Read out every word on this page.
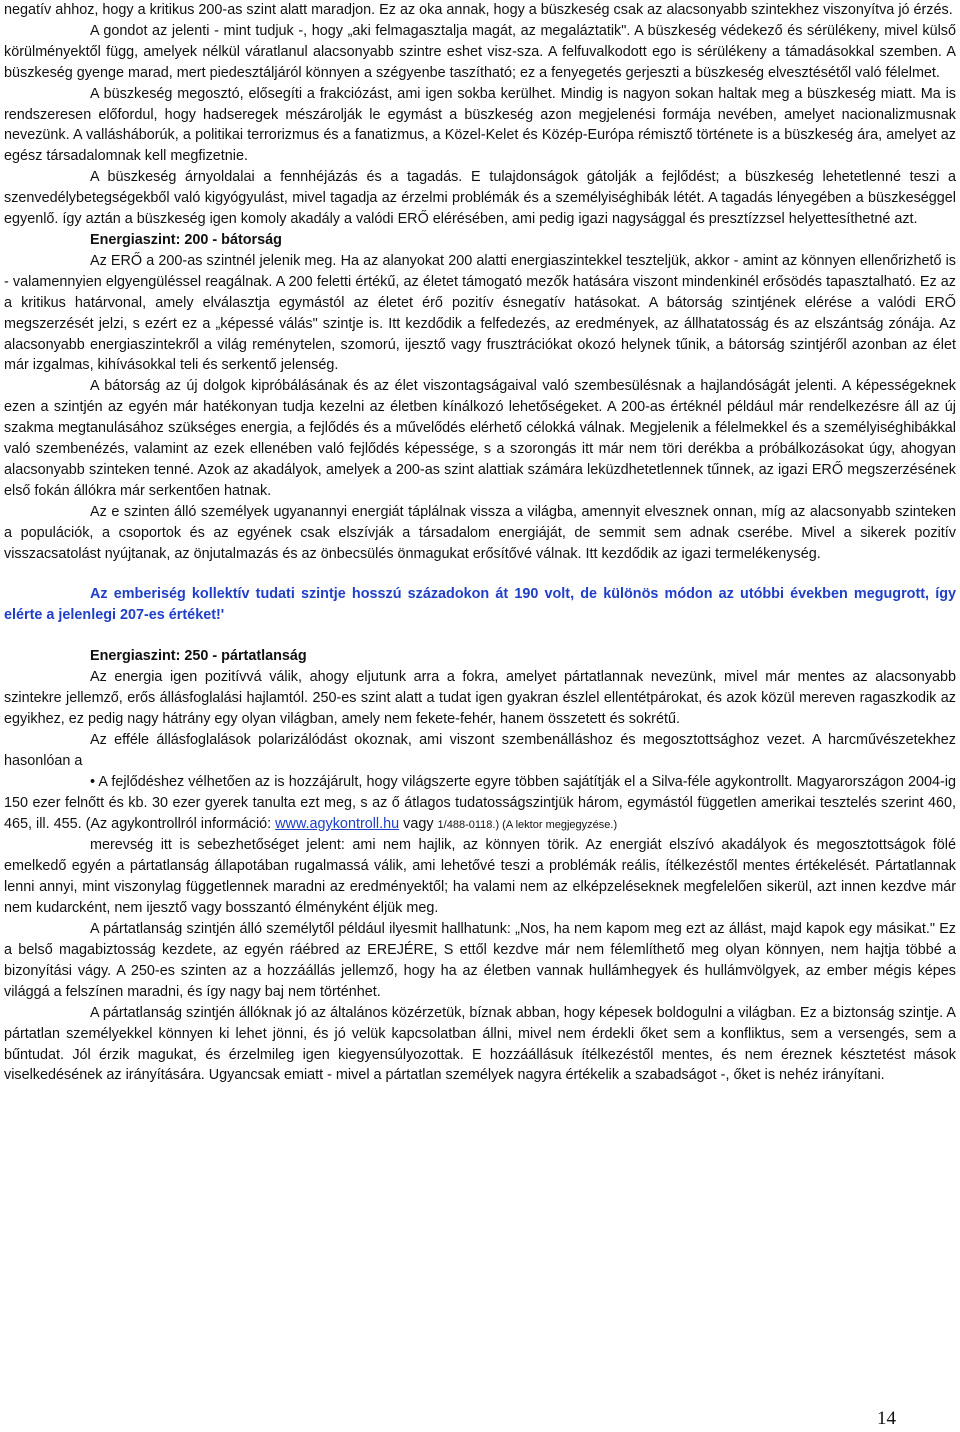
negatív ahhoz, hogy a kritikus 200-as szint alatt maradjon. Ez az oka annak, hogy a büszkeség csak az alacsonyabb szintekhez viszonyítva jó érzés.

A gondot az jelenti - mint tudjuk -, hogy „aki felmagasztalja magát, az megaláztatik". A büszkeség védekező és sérülékeny, mivel külső körülményektől függ, amelyek nélkül váratlanul alacsonyabb szintre eshet visz-sza. A felfuvalkodott ego is sérülékeny a támadásokkal szemben. A büszkeség gyenge marad, mert piedesztáljáról könnyen a szégyenbe taszítható; ez a fenyegetés gerjeszti a büszkeség elvesztésétől való félelmet.

A büszkeség megosztó, elősegíti a frakciózást, ami igen sokba kerülhet. Mindig is nagyon sokan haltak meg a büszkeség miatt. Ma is rendszeresen előfordul, hogy hadseregek mészárolják le egymást a büszkeség azon megjelenési formája nevében, amelyet nacionalizmusnak nevezünk. A vallásháborúk, a politikai terrorizmus és a fanatizmus, a Közel-Kelet és Közép-Európa rémisztő története is a büszkeség ára, amelyet az egész társadalomnak kell megfizetnie.

A büszkeség árnyoldalai a fennhéjázás és a tagadás. E tulajdonságok gátolják a fejlődést; a büszkeség lehetetlenné teszi a szenvedélybetegségekből való kigyógyulást, mivel tagadja az érzelmi problémák és a személyiséghibák létét. A tagadás lényegében a büszkeséggel egyenlő. így aztán a büszkeség igen komoly akadály a valódi ERŐ elérésében, ami pedig igazi nagysággal és presztízzsel helyettesíthetné azt.

Energiaszint: 200 - bátorság

Az ERŐ a 200-as szintnél jelenik meg. Ha az alanyokat 200 alatti energiaszintekkel teszteljük, akkor - amint az könnyen ellenőrizhető is - valamennyien elgyengüléssel reagálnak. A 200 feletti értékű, az életet támogató mezők hatására viszont mindenkinél erősödés tapasztalható. Ez az a kritikus határvonal, amely elválasztja egymástól az életet érő pozitív ésnegatív hatásokat. A bátorság szintjének elérése a valódi ERŐ megszerzését jelzi, s ezért ez a „képessé válás" szintje is. Itt kezdődik a felfedezés, az eredmények, az állhatatosság és az elszántság zónája. Az alacsonyabb energiaszintekről a világ reménytelen, szomorú, ijesztő vagy frusztrációkat okozó helynek tűnik, a bátorság szintjéről azonban az élet már izgalmas, kihívásokkal teli és serkentő jelenség.

A bátorság az új dolgok kipróbálásának és az élet viszontagságaival való szembesülésnak a hajlandóságát jelenti. A képességeknek ezen a szintjén az egyén már hatékonyan tudja kezelni az életben kínálkozó lehetőségeket. A 200-as értéknél például már rendelkezésre áll az új szakma megtanulásához szükséges energia, a fejlődés és a művelődés elérhető célokká válnak. Megjelenik a félelmekkel és a személyiséghibákkal való szembenézés, valamint az ezek ellenében való fejlődés képessége, s a szorongás itt már nem töri derékba a próbálkozásokat úgy, ahogyan alacsonyabb szinteken tenné. Azok az akadályok, amelyek a 200-as szint alattiak számára leküzdhetetlennek tűnnek, az igazi ERŐ megszerzésének első fokán állókra már serkentően hatnak.

Az e szinten álló személyek ugyanannyi energiát táplálnak vissza a világba, amennyit elvesznek onnan, míg az alacsonyabb szinteken a populációk, a csoportok és az egyének csak elszívják a társadalom energiáját, de semmit sem adnak cserébe. Mivel a sikerek pozitív visszacsatolást nyújtanak, az önjutalmazás és az önbecsülés önmagukat erősítővé válnak. Itt kezdődik az igazi termelékenység.

Az emberiség kollektív tudati szintje hosszú századokon át 190 volt, de különös módon az utóbbi években megugrott, így elérte a jelenlegi 207-es értéket!'

Energiaszint: 250 - pártatlanság

Az energia igen pozitívvá válik, ahogy eljutunk arra a fokra, amelyet pártatlannak nevezünk, mivel már mentes az alacsonyabb szintekre jellemző, erős állásfoglalási hajlamtól. 250-es szint alatt a tudat igen gyakran észlel ellentétpárokat, és azok közül mereven ragaszkodik az egyikhez, ez pedig nagy hátrány egy olyan világban, amely nem fekete-fehér, hanem összetett és sokrétű.

Az efféle állásfoglalások polarizálódást okoznak, ami viszont szembenálláshoz és megosztottsághoz vezet. A harcművészetekhez hasonlóan a

• A fejlődéshez vélhetően az is hozzájárult, hogy világszerte egyre többen sajátítják el a Silva-féle agykontrollt. Magyarországon 2004-ig 150 ezer felnőtt és kb. 30 ezer gyerek tanulta ezt meg, s az ő átlagos tudatosságszintjük három, egymástól független amerikai tesztelés szerint 460, 465, ill. 455. (Az agykontrollról információ: www.agykontroll.hu vagy 1/488-0118.) (A lektor megjegyzése.)

merevség itt is sebezhetőséget jelent: ami nem hajlik, az könnyen törik. Az energiát elszívó akadályok és megosztottságok fölé emelkedő egyén a pártatlanság állapotában rugalmassá válik, ami lehetővé teszi a problémák reális, ítélkezéstől mentes értékelését. Pártatlannak lenni annyi, mint viszonylag függetlennek maradni az eredményektől; ha valami nem az elképzeléseknek megfelelően sikerül, azt innen kezdve már nem kudarcként, nem ijesztő vagy bosszantó élményként éljük meg.

A pártatlanság szintjén álló személytől például ilyesmit hallhatunk: „Nos, ha nem kapom meg ezt az állást, majd kapok egy másikat." Ez a belső magabiztosság kezdete, az egyén ráébred az EREJÉRE, S ettől kezdve már nem félemlíthető meg olyan könnyen, nem hajtja többé a bizonyítási vágy. A 250-es szinten az a hozzáállás jellemző, hogy ha az életben vannak hullámhegyek és hullámvölgyek, az ember mégis képes világgá a felszínen maradni, és így nagy baj nem történhet.

A pártatlanság szintjén állóknak jó az általános közérzetük, bíznak abban, hogy képesek boldogulni a világban. Ez a biztonság szintje. A pártatlan személyekkel könnyen ki lehet jönni, és jó velük kapcsolatban állni, mivel nem érdekli őket sem a konfliktus, sem a versengés, sem a bűntudat. Jól érzik magukat, és érzelmileg igen kiegyensúlyozottak. E hozzáállásuk ítélkezéstől mentes, és nem éreznek késztetést mások viselkedésének az irányítására. Ugyancsak emiatt - mivel a pártatlan személyek nagyra értékelik a szabadságot -, őket is nehéz irányítani.

14
